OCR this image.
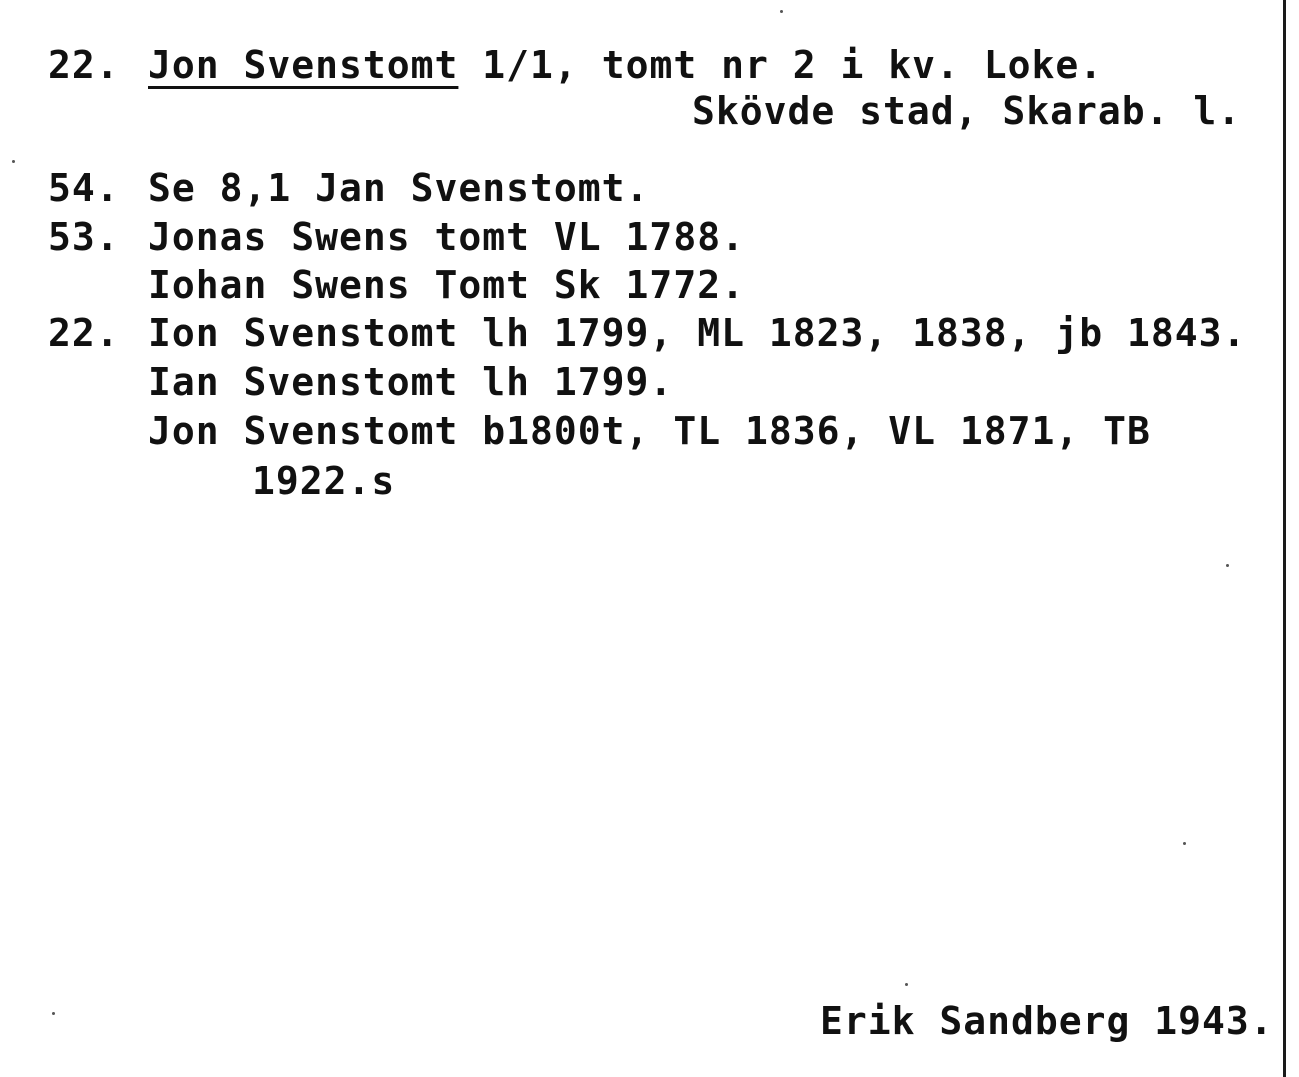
22. Jon Svenstomt 1/1, tomt nr 2 i kv. Loke.
Skövde stad, Skarab. l.
54. Se 8,1 Jan Svenstomt.
53. Jonas Swens tomt VL 1788.
Iohan Swens Tomt Sk 1772.
22. Ion Svenstomt lh 1799, ML 1823, 1838, jb 1843.
Ian Svenstomt lh 1799.
Jon Svenstomt b1800t, TL 1836, VL 1871, TB
1922.s
Erik Sandberg 1943.
